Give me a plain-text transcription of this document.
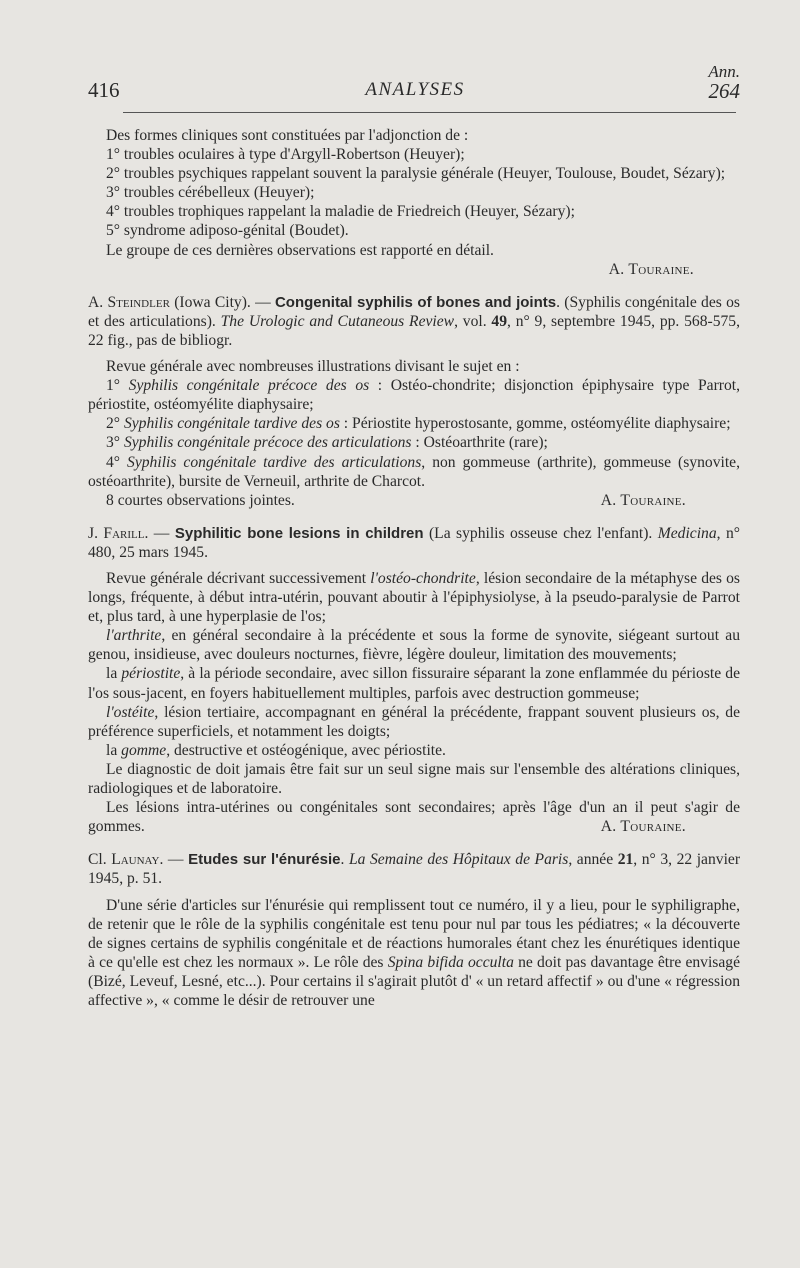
416	ANALYSES
Ann.
264

Des formes cliniques sont constituées par l'adjonction de :

1° troubles oculaires à type d'Argyll-Robertson (Heuyer);

2° troubles psychiques rappelant souvent la paralysie générale (Heuyer, Toulouse, Boudet, Sézary);

3° troubles cérébelleux (Heuyer);

4° troubles trophiques rappelant la maladie de Friedreich (Heuyer, Sézary);

5° syndrome adiposo-génital (Boudet).

Le groupe de ces dernières observations est rapporté en détail.

A. Touraine.

A. Steindler (Iowa City). — Congenital syphilis of bones and joints. (Syphilis congénitale des os et des articulations). The Urologic and Cutaneous Review, vol. 49, n° 9, septembre 1945, pp. 568-575, 22 fig., pas de bibliogr.

Revue générale avec nombreuses illustrations divisant le sujet en :

1° Syphilis congénitale précoce des os : Ostéo-chondrite; disjonction épiphysaire type Parrot, périostite, ostéomyélite diaphysaire;

2° Syphilis congénitale tardive des os : Périostite hyperostosante, gomme, ostéomyélite diaphysaire;

3° Syphilis congénitale précoce des articulations : Ostéoarthrite (rare);

4° Syphilis congénitale tardive des articulations, non gommeuse (arthrite), gommeuse (synovite, ostéoarthrite), bursite de Verneuil, arthrite de Charcot.

8 courtes observations jointes.	A. Touraine.

J. Farill. — Syphilitic bone lesions in children (La syphilis osseuse chez l'enfant). Medicina, n° 480, 25 mars 1945.

Revue générale décrivant successivement l'ostéo-chondrite, lésion secondaire de la métaphyse des os longs, fréquente, à début intra-utérin, pouvant aboutir à l'épiphysiolyse, à la pseudo-paralysie de Parrot et, plus tard, à une hyperplasie de l'os;

l'arthrite, en général secondaire à la précédente et sous la forme de synovite, siégeant surtout au genou, insidieuse, avec douleurs nocturnes, fièvre, légère douleur, limitation des mouvements;

la périostite, à la période secondaire, avec sillon fissuraire séparant la zone enflammée du périoste de l'os sous-jacent, en foyers habituellement multiples, parfois avec destruction gommeuse;

l'ostéite, lésion tertiaire, accompagnant en général la précédente, frappant souvent plusieurs os, de préférence superficiels, et notamment les doigts;

la gomme, destructive et ostéogénique, avec périostite.

Le diagnostic de doit jamais être fait sur un seul signe mais sur l'ensemble des altérations cliniques, radiologiques et de laboratoire.

Les lésions intra-utérines ou congénitales sont secondaires; après l'âge d'un an il peut s'agir de gommes.	A. Touraine.

Cl. Launay. — Etudes sur l'énurésie. La Semaine des Hôpitaux de Paris, année 21, n° 3, 22 janvier 1945, p. 51.

D'une série d'articles sur l'énurésie qui remplissent tout ce numéro, il y a lieu, pour le syphiligraphe, de retenir que le rôle de la syphilis congénitale est tenu pour nul par tous les pédiatres; « la découverte de signes certains de syphilis congénitale et de réactions humorales étant chez les énurétiques identique à ce qu'elle est chez les normaux ». Le rôle des Spina bifida occulta ne doit pas davantage être envisagé (Bizé, Leveuf, Lesné, etc...). Pour certains il s'agirait plutôt d' « un retard affectif » ou d'une « régression affective », « comme le désir de retrouver une
